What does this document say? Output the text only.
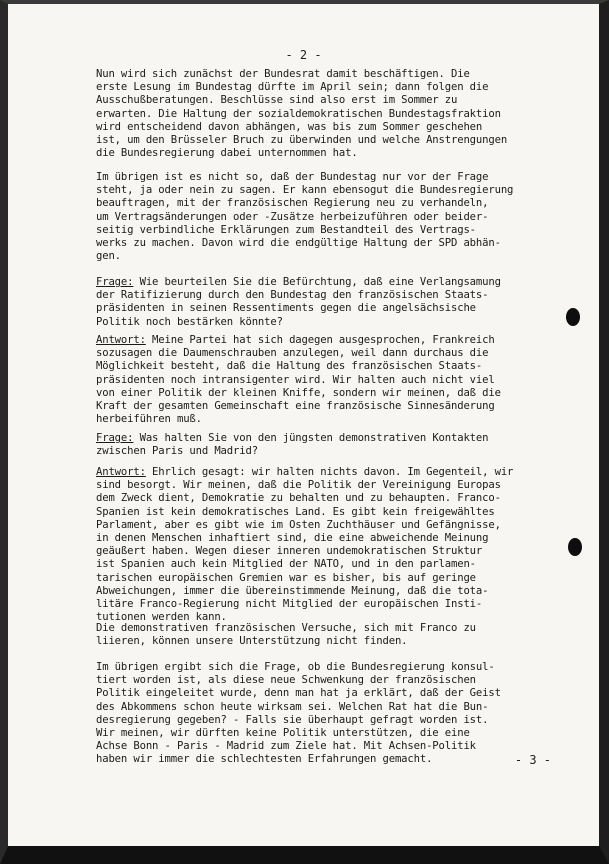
- 2 -
Nun wird sich zunächst der Bundesrat damit beschäftigen. Die
erste Lesung im Bundestag dürfte im April sein; dann folgen die
Ausschußberatungen. Beschlüsse sind also erst im Sommer zu
erwarten. Die Haltung der sozialdemokratischen Bundestagsfraktion
wird entscheidend davon abhängen, was bis zum Sommer geschehen
ist, um den Brüsseler Bruch zu überwinden und welche Anstrengungen
die Bundesregierung dabei unternommen hat.
Im übrigen ist es nicht so, daß der Bundestag nur vor der Frage
steht, ja oder nein zu sagen. Er kann ebensogut die Bundesregierung
beauftragen, mit der französischen Regierung neu zu verhandeln,
um Vertragsänderungen oder -Zusätze herbeizuführen oder beider-
seitig verbindliche Erklärungen zum Bestandteil des Vertrags-
werks zu machen. Davon wird die endgültige Haltung der SPD abhän-
gen.
Frage: Wie beurteilen Sie die Befürchtung, daß eine Verlangsamung
der Ratifizierung durch den Bundestag den französischen Staats-
präsidenten in seinen Ressentiments gegen die angelsächsische
Politik noch bestärken könnte?
Antwort: Meine Partei hat sich dagegen ausgesprochen, Frankreich
sozusagen die Daumenschrauben anzulegen, weil dann durchaus die
Möglichkeit besteht, daß die Haltung des französischen Staats-
präsidenten noch intransigenter wird. Wir halten auch nicht viel
von einer Politik der kleinen Kniffe, sondern wir meinen, daß die
Kraft der gesamten Gemeinschaft eine französische Sinnesänderung
herbeiführen muß.
Frage: Was halten Sie von den jüngsten demonstrativen Kontakten
zwischen Paris und Madrid?
Antwort: Ehrlich gesagt: wir halten nichts davon. Im Gegenteil, wir
sind besorgt. Wir meinen, daß die Politik der Vereinigung Europas
dem Zweck dient, Demokratie zu behalten und zu behaupten. Franco-
Spanien ist kein demokratisches Land. Es gibt kein freigewähltes
Parlament, aber es gibt wie im Osten Zuchthäuser und Gefängnisse,
in denen Menschen inhaftiert sind, die eine abweichende Meinung
geäußert haben. Wegen dieser inneren undemokratischen Struktur
ist Spanien auch kein Mitglied der NATO, und in den parlamen-
tarischen europäischen Gremien war es bisher, bis auf geringe
Abweichungen, immer die übereinstimmende Meinung, daß die tota-
litäre Franco-Regierung nicht Mitglied der europäischen Insti-
tutionen werden kann.
Die demonstrativen französischen Versuche, sich mit Franco zu
liieren, können unsere Unterstützung nicht finden.
Im übrigen ergibt sich die Frage, ob die Bundesregierung konsul-
tiert worden ist, als diese neue Schwenkung der französischen
Politik eingeleitet wurde, denn man hat ja erklärt, daß der Geist
des Abkommens schon heute wirksam sei. Welchen Rat hat die Bun-
desregierung gegeben? - Falls sie überhaupt gefragt worden ist.
Wir meinen, wir dürften keine Politik unterstützen, die eine
Achse Bonn - Paris - Madrid zum Ziele hat. Mit Achsen-Politik
haben wir immer die schlechtesten Erfahrungen gemacht.	- 3 -
